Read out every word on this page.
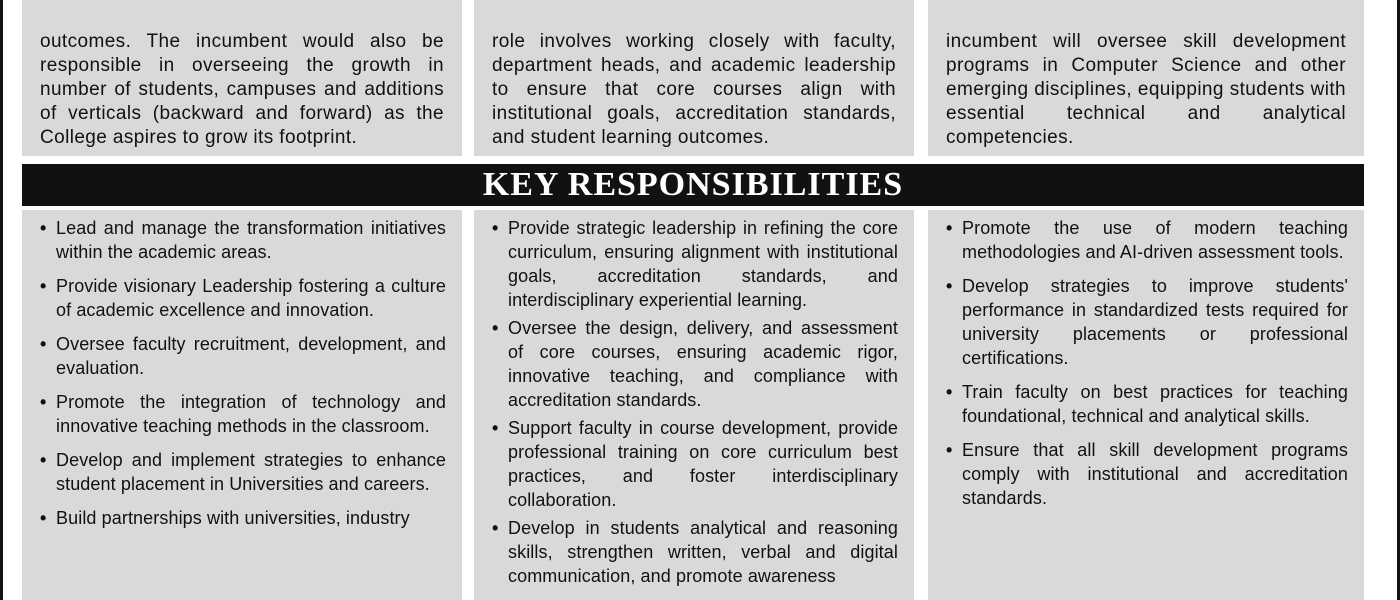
outcomes. The incumbent would also be responsible in overseeing the growth in number of students, campuses and additions of verticals (backward and forward) as the College aspires to grow its footprint.

role involves working closely with faculty, department heads, and academic leadership to ensure that core courses align with institutional goals, accreditation standards, and student learning outcomes.

incumbent will oversee skill development programs in Computer Science and other emerging disciplines, equipping students with essential technical and analytical competencies.

KEY RESPONSIBILITIES
• Lead and manage the transformation initiatives within the academic areas.
• Provide visionary Leadership fostering a culture of academic excellence and innovation.
• Oversee faculty recruitment, development, and evaluation.
• Promote the integration of technology and innovative teaching methods in the classroom.
• Develop and implement strategies to enhance student placement in Universities and careers.
• Build partnerships with universities, industry
• Provide strategic leadership in refining the core curriculum, ensuring alignment with institutional goals, accreditation standards, and interdisciplinary experiential learning.
• Oversee the design, delivery, and assessment of core courses, ensuring academic rigor, innovative teaching, and compliance with accreditation standards.
• Support faculty in course development, provide professional training on core curriculum best practices, and foster interdisciplinary collaboration.
• Develop in students analytical and reasoning skills, strengthen written, verbal and digital communication, and promote awareness
• Promote the use of modern teaching methodologies and AI-driven assessment tools.
• Develop strategies to improve students' performance in standardized tests required for university placements or professional certifications.
• Train faculty on best practices for teaching foundational, technical and analytical skills.
• Ensure that all skill development programs comply with institutional and accreditation standards.
